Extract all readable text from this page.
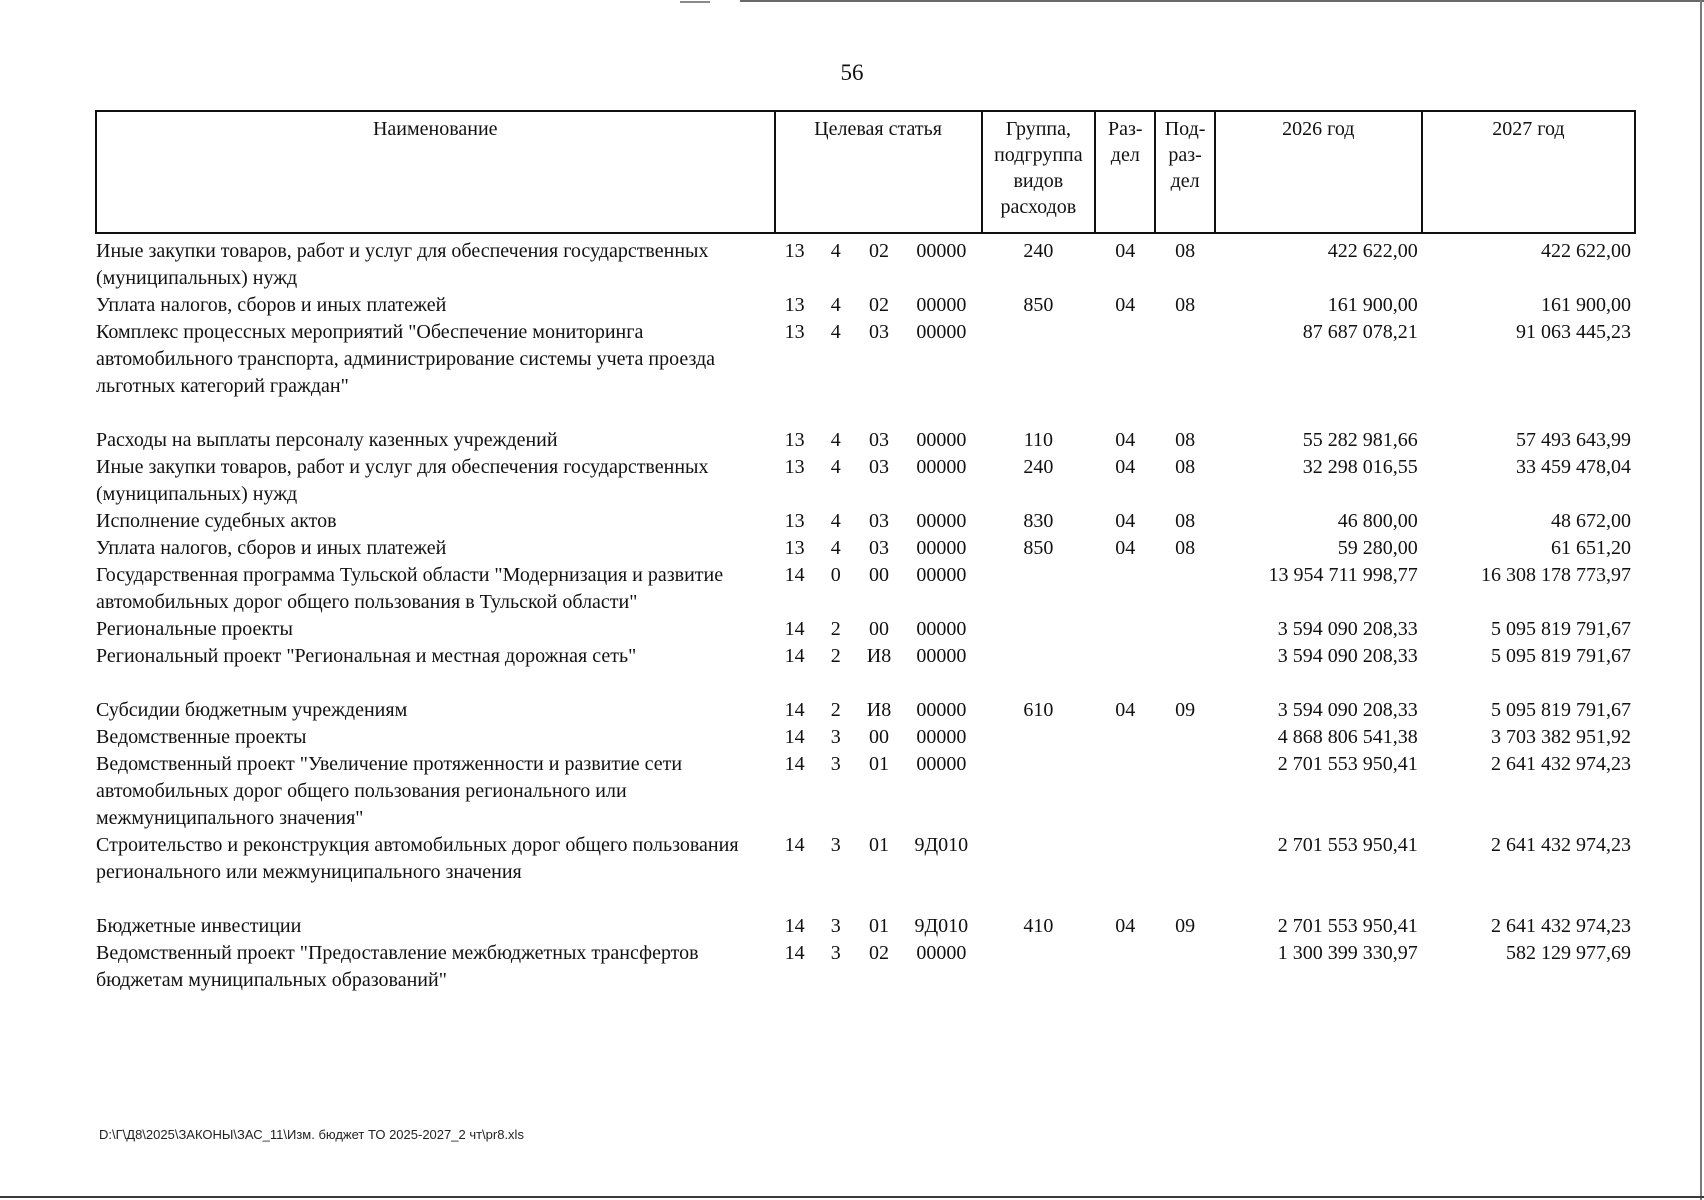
56
Наименование	Целевая статья				Группа, подгруппа видов расходов	Раз- дел	Под- раз- дел	2026 год	2027 год
Иные закупки товаров, работ и услуг для обеспечения государственных (муниципальных) нужд	13	4	02	00000	240	04	08	422 622,00	422 622,00
Уплата налогов, сборов и иных платежей	13	4	02	00000	850	04	08	161 900,00	161 900,00
Комплекс процессных мероприятий "Обеспечение мониторинга автомобильного транспорта, администрирование системы учета проезда льготных категорий граждан"	13	4	03	00000				87 687 078,21	91 063 445,23
Расходы на выплаты персоналу казенных учреждений	13	4	03	00000	110	04	08	55 282 981,66	57 493 643,99
Иные закупки товаров, работ и услуг для обеспечения государственных (муниципальных) нужд	13	4	03	00000	240	04	08	32 298 016,55	33 459 478,04
Исполнение судебных актов	13	4	03	00000	830	04	08	46 800,00	48 672,00
Уплата налогов, сборов и иных платежей	13	4	03	00000	850	04	08	59 280,00	61 651,20
Государственная программа Тульской области "Модернизация и развитие автомобильных дорог общего пользования в Тульской области"	14	0	00	00000				13 954 711 998,77	16 308 178 773,97
Региональные проекты	14	2	00	00000				3 594 090 208,33	5 095 819 791,67
Региональный проект "Региональная и местная дорожная сеть"	14	2	И8	00000				3 594 090 208,33	5 095 819 791,67
Субсидии бюджетным учреждениям	14	2	И8	00000	610	04	09	3 594 090 208,33	5 095 819 791,67
Ведомственные проекты	14	3	00	00000				4 868 806 541,38	3 703 382 951,92
Ведомственный проект "Увеличение протяженности и развитие сети автомобильных дорог общего пользования регионального или межмуниципального значения"	14	3	01	00000				2 701 553 950,41	2 641 432 974,23
Строительство и реконструкция автомобильных дорог общего пользования регионального или межмуниципального значения	14	3	01	9Д010				2 701 553 950,41	2 641 432 974,23
Бюджетные инвестиции	14	3	01	9Д010	410	04	09	2 701 553 950,41	2 641 432 974,23
Ведомственный проект "Предоставление межбюджетных трансфертов бюджетам муниципальных образований"	14	3	02	00000				1 300 399 330,97	582 129 977,69
D:\Г\Д8\2025\ЗАКОНЫ\ЗАС_11\Изм. бюджет ТО 2025-2027_2 чт\pr8.xls
